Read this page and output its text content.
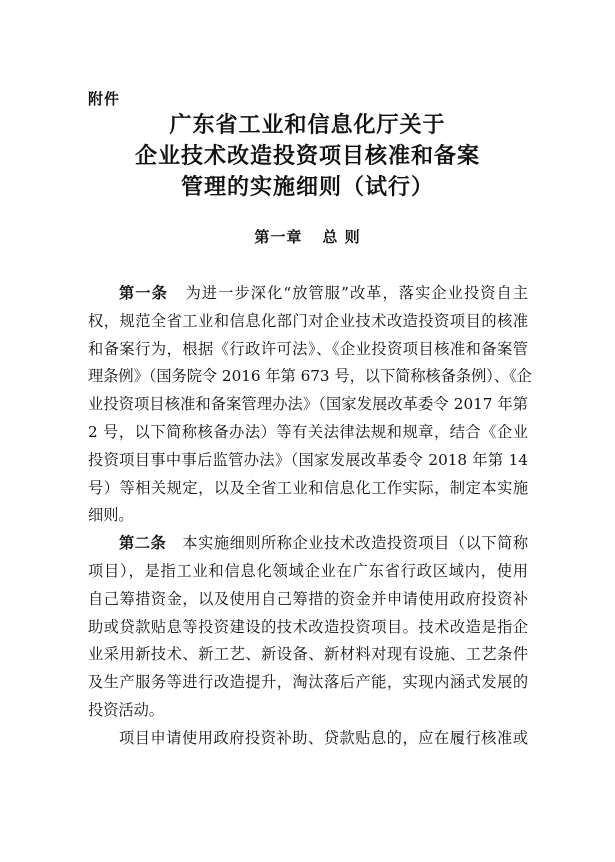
附件
广东省工业和信息化厅关于
企业技术改造投资项目核准和备案
管理的实施细则（试行）
第一章 总 则
第一条 为进一步深化“放管服”改革，落实企业投资自主
权，规范全省工业和信息化部门对企业技术改造投资项目的核准
和备案行为，根据《行政许可法》、《企业投资项目核准和备案管
理条例》（国务院令 2016 年第 673 号，以下简称核备条例）、《企
业投资项目核准和备案管理办法》（国家发展改革委令 2017 年第
2 号，以下简称核备办法）等有关法律法规和规章，结合《企业
投资项目事中事后监管办法》（国家发展改革委令 2018 年第 14
号）等相关规定，以及全省工业和信息化工作实际，制定本实施
细则。
第二条 本实施细则所称企业技术改造投资项目（以下简称
项目），是指工业和信息化领域企业在广东省行政区域内，使用
自己筹措资金，以及使用自己筹措的资金并申请使用政府投资补
助或贷款贴息等投资建设的技术改造投资项目。技术改造是指企
业采用新技术、新工艺、新设备、新材料对现有设施、工艺条件
及生产服务等进行改造提升，淘汰落后产能，实现内涵式发展的
投资活动。
项目申请使用政府投资补助、贷款贴息的，应在履行核准或
